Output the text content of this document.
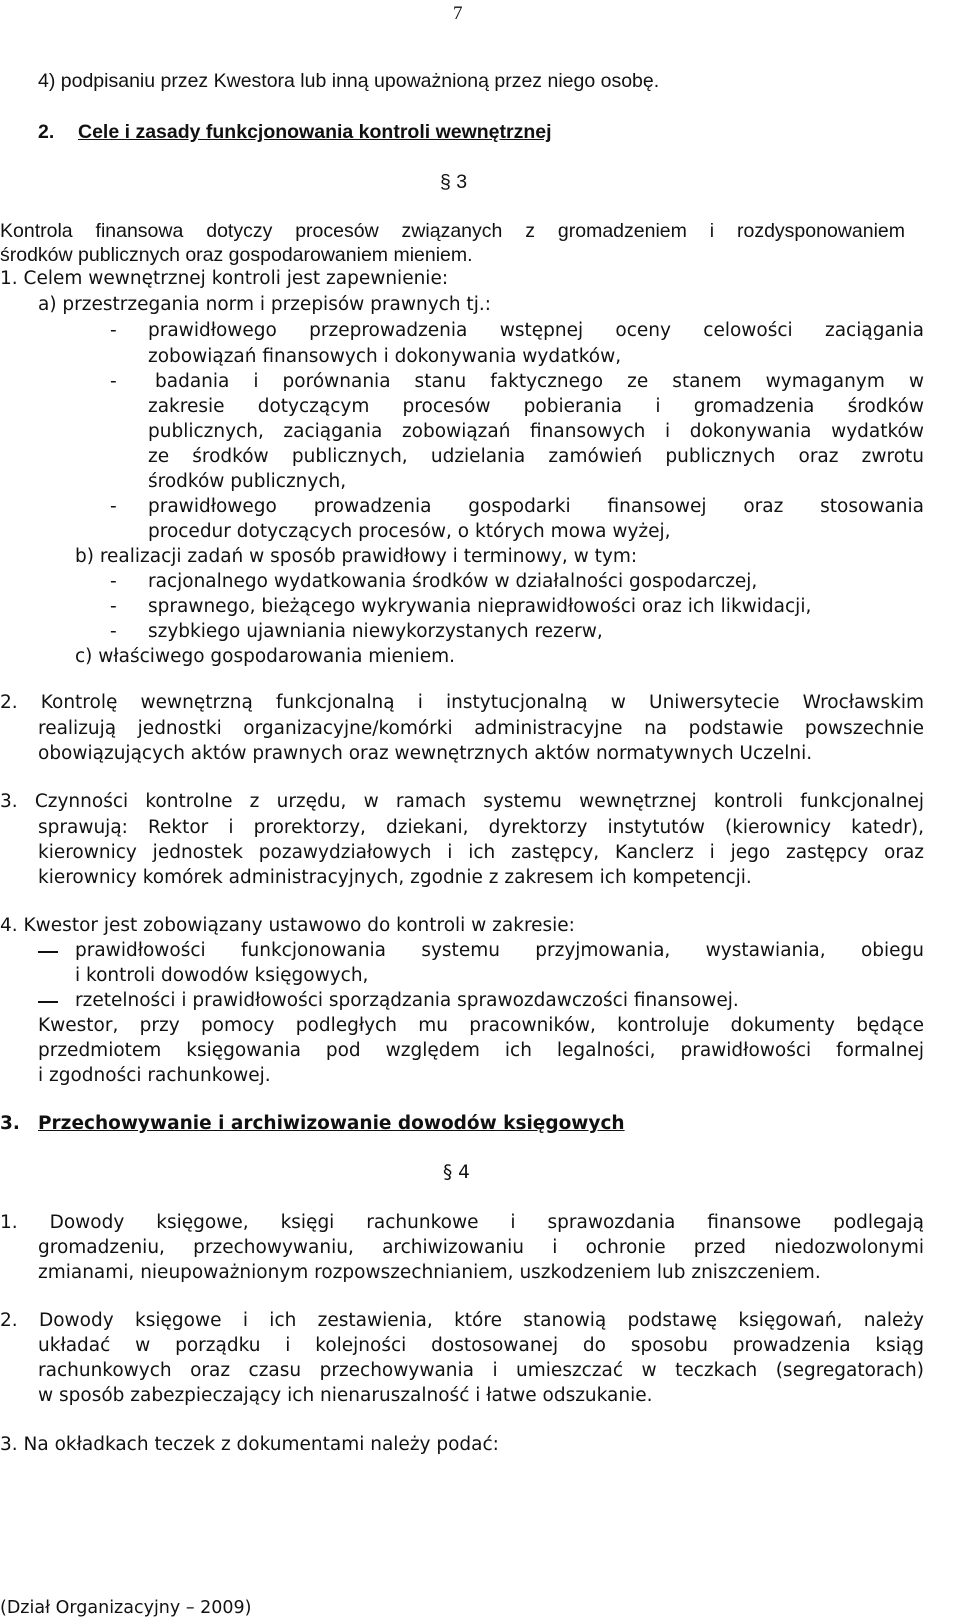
7
4) podpisaniu przez Kwestora lub inną upoważnioną przez niego osobę.
2. Cele i zasady funkcjonowania kontroli wewnętrznej
§ 3
Kontrola finansowa dotyczy procesów związanych z gromadzeniem i rozdysponowaniem
środków publicznych oraz gospodarowaniem mieniem.
1. Celem wewnętrznej kontroli jest zapewnienie:
a) przestrzegania norm i przepisów prawnych tj.:
- prawidłowego przeprowadzenia wstępnej oceny celowości zaciągania
zobowiązań finansowych i dokonywania wydatków,
- badania i porównania stanu faktycznego ze stanem wymaganym w
zakresie dotyczącym procesów pobierania i gromadzenia środków
publicznych, zaciągania zobowiązań finansowych i dokonywania wydatków
ze środków publicznych, udzielania zamówień publicznych oraz zwrotu
środków publicznych,
- prawidłowego prowadzenia gospodarki finansowej oraz stosowania
procedur dotyczących procesów, o których mowa wyżej,
b) realizacji zadań w sposób prawidłowy i terminowy, w tym:
- racjonalnego wydatkowania środków w działalności gospodarczej,
- sprawnego, bieżącego wykrywania nieprawidłowości oraz ich likwidacji,
- szybkiego ujawniania niewykorzystanych rezerw,
c) właściwego gospodarowania mieniem.
2. Kontrolę wewnętrzną funkcjonalną i instytucjonalną w Uniwersytecie Wrocławskim
realizują jednostki organizacyjne/komórki administracyjne na podstawie powszechnie
obowiązujących aktów prawnych oraz wewnętrznych aktów normatywnych Uczelni.
3. Czynności kontrolne z urzędu, w ramach systemu wewnętrznej kontroli funkcjonalnej
sprawują: Rektor i prorektorzy, dziekani, dyrektorzy instytutów (kierownicy katedr),
kierownicy jednostek pozawydziałowych i ich zastępcy, Kanclerz i jego zastępcy oraz
kierownicy komórek administracyjnych, zgodnie z zakresem ich kompetencji.
4. Kwestor jest zobowiązany ustawowo do kontroli w zakresie:
prawidłowości funkcjonowania systemu przyjmowania, wystawiania, obiegu
i kontroli dowodów księgowych,
rzetelności i prawidłowości sporządzania sprawozdawczości finansowej.
Kwestor, przy pomocy podległych mu pracowników, kontroluje dokumenty będące
przedmiotem księgowania pod względem ich legalności, prawidłowości formalnej
i zgodności rachunkowej.
3. Przechowywanie i archiwizowanie dowodów księgowych
§ 4
1. Dowody księgowe, księgi rachunkowe i sprawozdania finansowe podlegają
gromadzeniu, przechowywaniu, archiwizowaniu i ochronie przed niedozwolonymi
zmianami, nieupoważnionym rozpowszechnianiem, uszkodzeniem lub zniszczeniem.
2. Dowody księgowe i ich zestawienia, które stanowią podstawę księgowań, należy
układać w porządku i kolejności dostosowanej do sposobu prowadzenia ksiąg
rachunkowych oraz czasu przechowywania i umieszczać w teczkach (segregatorach)
w sposób zabezpieczający ich nienaruszalność i łatwe odszukanie.
3. Na okładkach teczek z dokumentami należy podać:
(Dział Organizacyjny – 2009)
